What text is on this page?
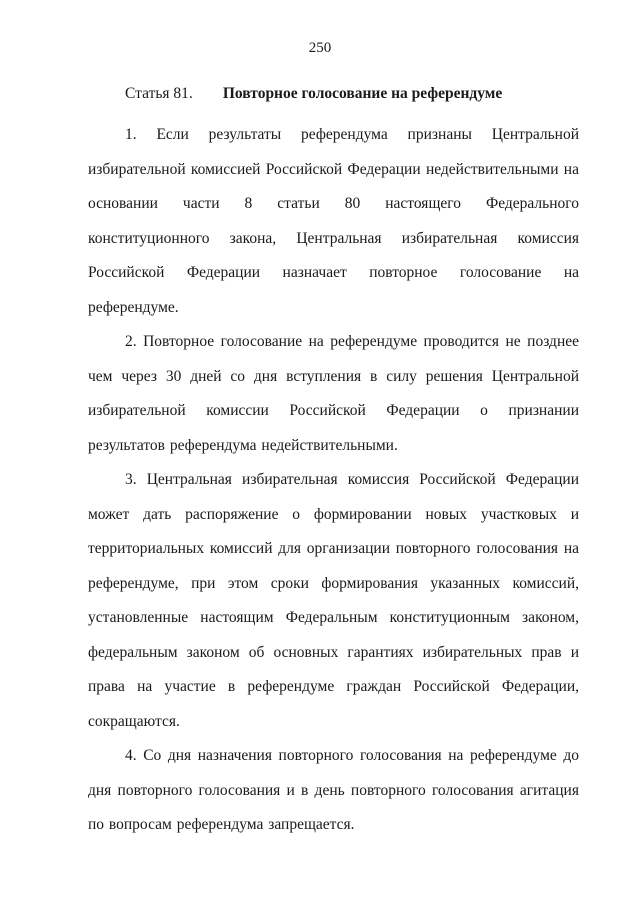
250
Статья 81. Повторное голосование на референдуме

1. Если результаты референдума признаны Центральной избирательной комиссией Российской Федерации недействительными на основании части 8 статьи 80 настоящего Федерального конституционного закона, Центральная избирательная комиссия Российской Федерации назначает повторное голосование на референдуме.

2. Повторное голосование на референдуме проводится не позднее чем через 30 дней со дня вступления в силу решения Центральной избирательной комиссии Российской Федерации о признании результатов референдума недействительными.

3. Центральная избирательная комиссия Российской Федерации может дать распоряжение о формировании новых участковых и территориальных комиссий для организации повторного голосования на референдуме, при этом сроки формирования указанных комиссий, установленные настоящим Федеральным конституционным законом, федеральным законом об основных гарантиях избирательных прав и права на участие в референдуме граждан Российской Федерации, сокращаются.

4. Со дня назначения повторного голосования на референдуме до дня повторного голосования и в день повторного голосования агитация по вопросам референдума запрещается.
